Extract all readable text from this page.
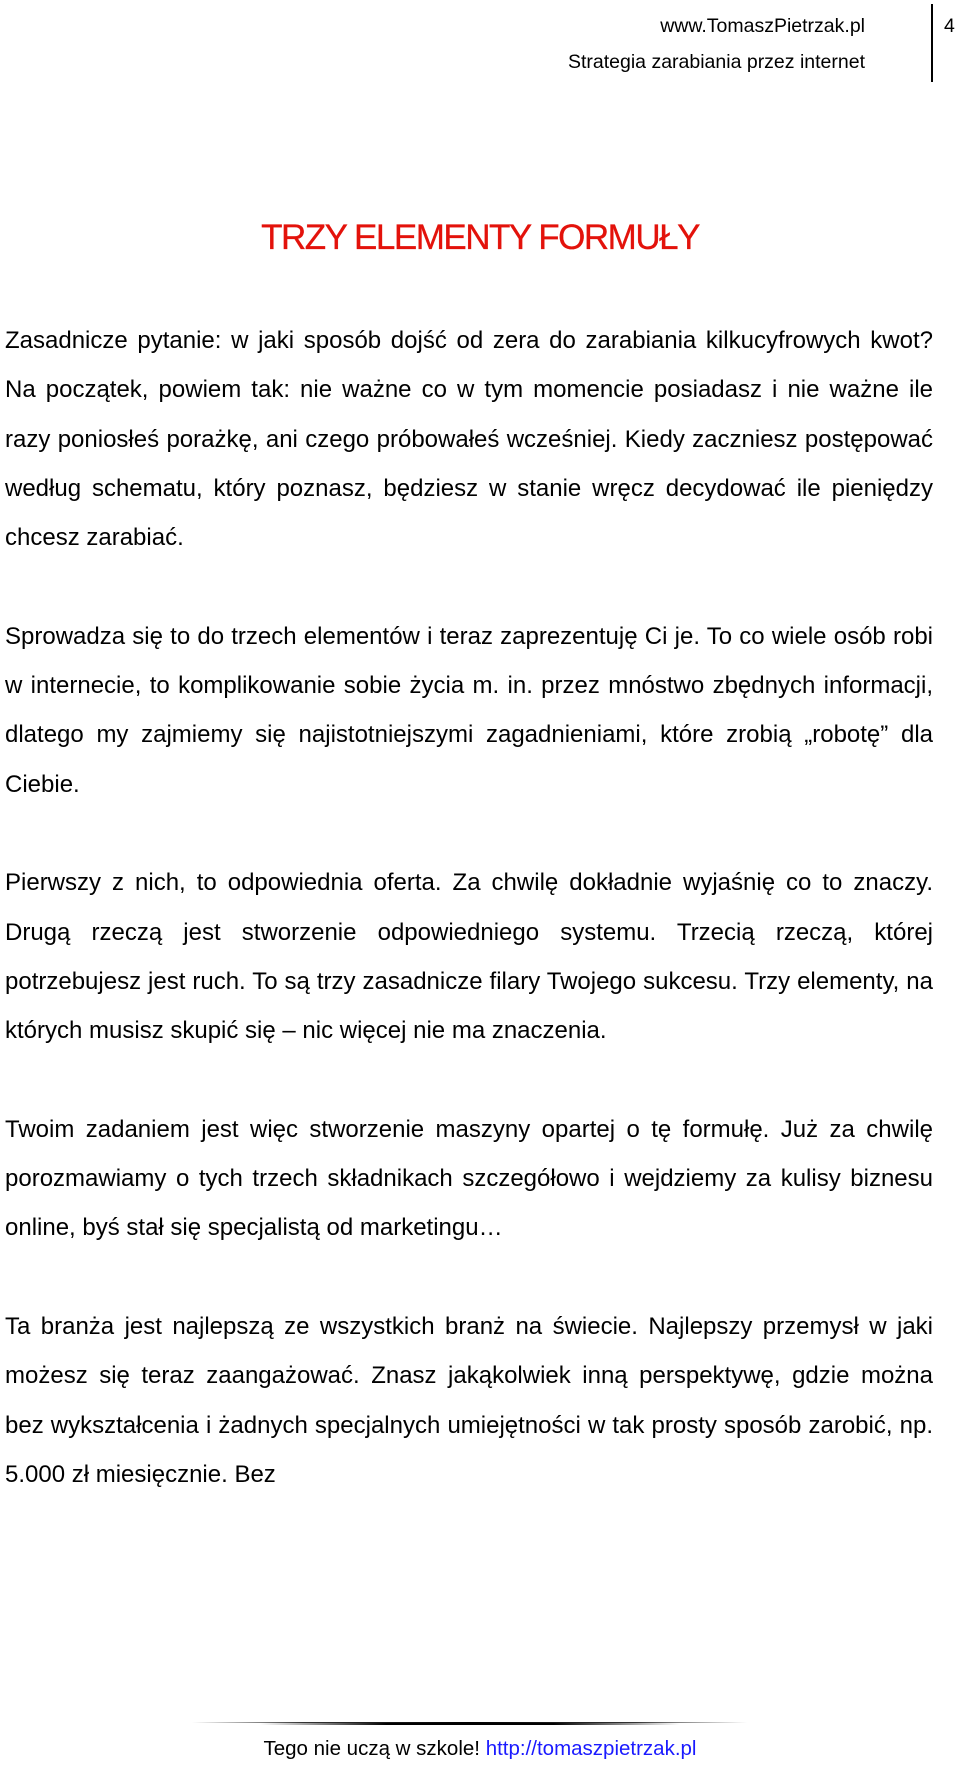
www.TomaszPietrzak.pl
Strategia zarabiania przez internet
4
TRZY ELEMENTY FORMUŁY

Zasadnicze pytanie: w jaki sposób dojść od zera do zarabiania kilkucyfrowych kwot? Na początek, powiem tak: nie ważne co w tym momencie posiadasz i nie ważne ile razy poniosłeś porażkę, ani czego próbowałeś wcześniej. Kiedy zaczniesz postępować według schematu, który poznasz, będziesz w stanie wręcz decydować ile pieniędzy chcesz zarabiać.

Sprowadza się to do trzech elementów i teraz zaprezentuję Ci je. To co wiele osób robi w internecie, to komplikowanie sobie życia m. in. przez mnóstwo zbędnych informacji, dlatego my zajmiemy się najistotniejszymi zagadnieniami, które zrobią „robotę” dla Ciebie.

Pierwszy z nich, to odpowiednia oferta. Za chwilę dokładnie wyjaśnię co to znaczy. Drugą rzeczą jest stworzenie odpowiedniego systemu. Trzecią rzeczą, której potrzebujesz jest ruch. To są trzy zasadnicze filary Twojego sukcesu. Trzy elementy, na których musisz skupić się – nic więcej nie ma znaczenia.

Twoim zadaniem jest więc stworzenie maszyny opartej o tę formułę. Już za chwilę porozmawiamy o tych trzech składnikach szczegółowo i wejdziemy za kulisy biznesu online, byś stał się specjalistą od marketingu…

Ta branża jest najlepszą ze wszystkich branż na świecie. Najlepszy przemysł w jaki możesz się teraz zaangażować. Znasz jakąkolwiek inną perspektywę, gdzie można bez wykształcenia i żadnych specjalnych umiejętności w tak prosty sposób zarobić, np. 5.000 zł miesięcznie. Bez

Tego nie uczą w szkole! http://tomaszpietrzak.pl
